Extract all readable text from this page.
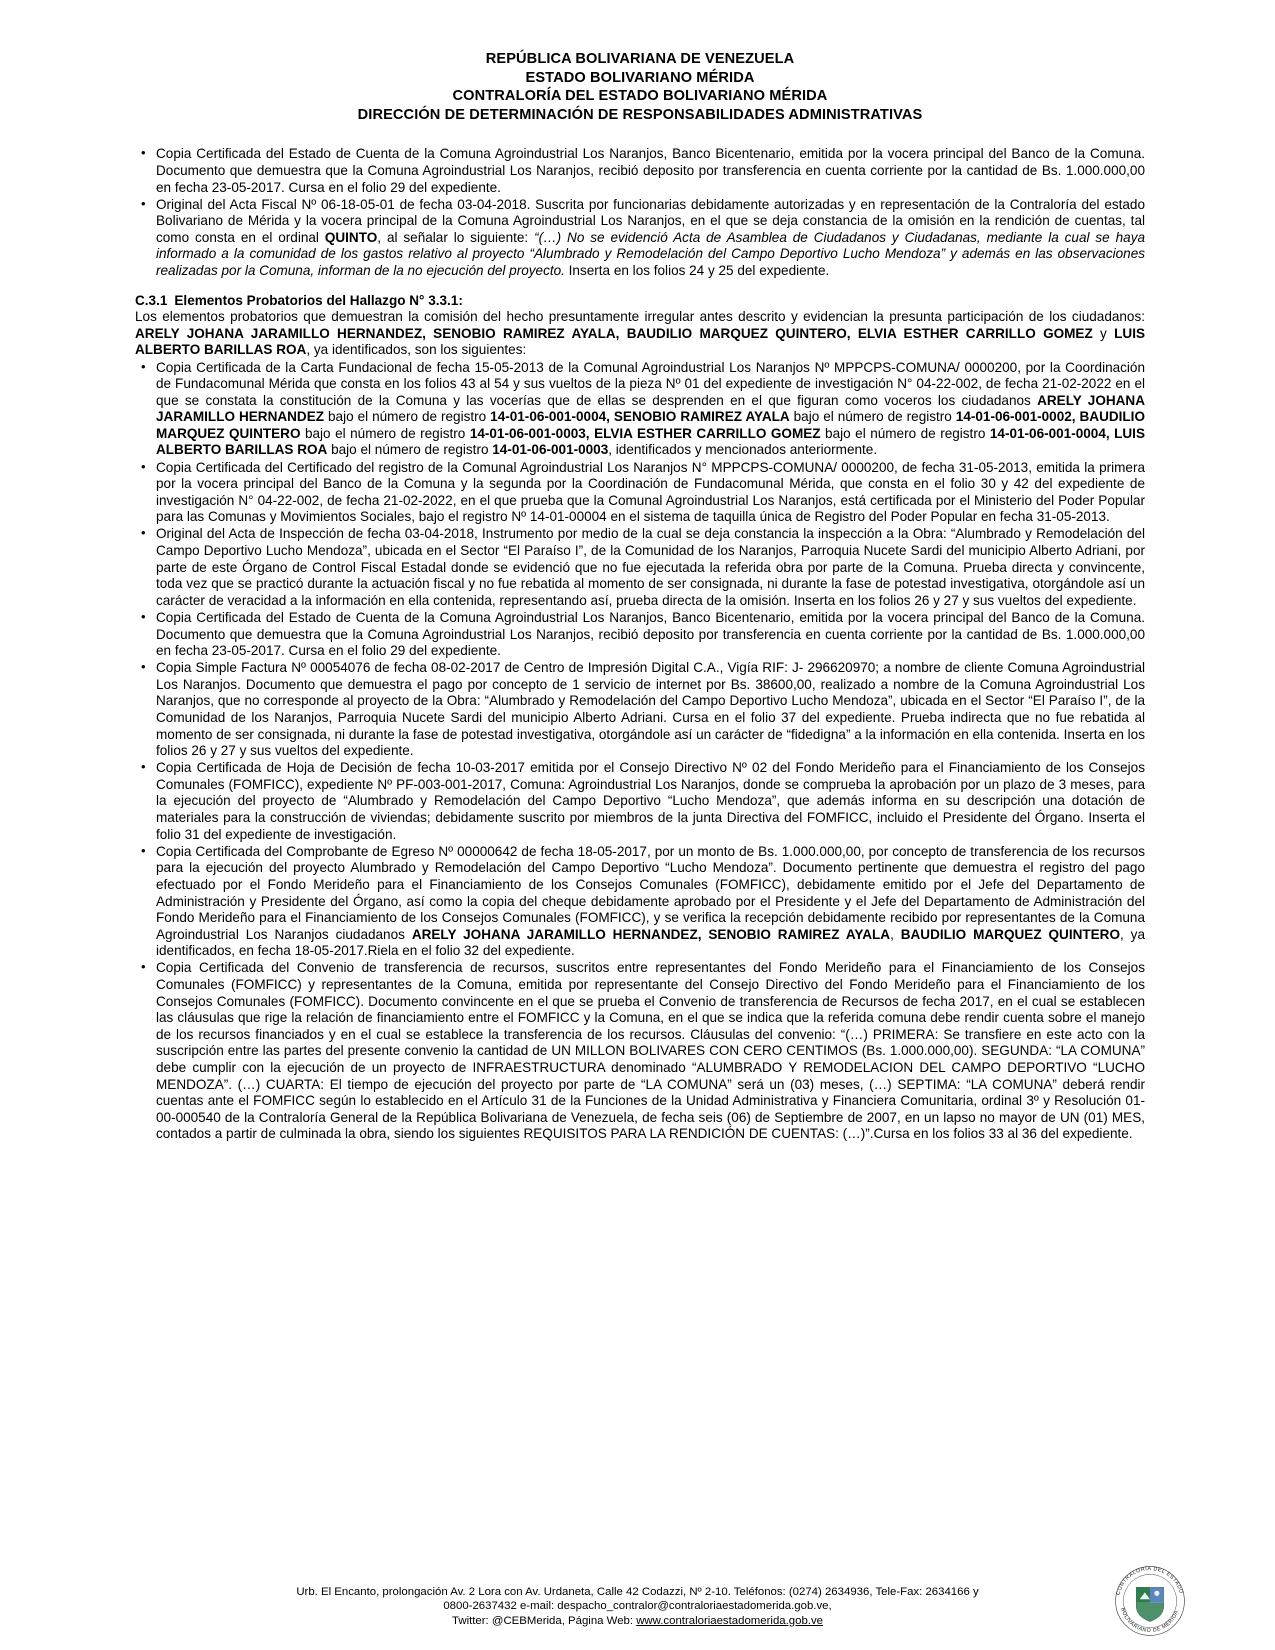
REPÚBLICA BOLIVARIANA DE VENEZUELA
ESTADO BOLIVARIANO MÉRIDA
CONTRALORÍA DEL ESTADO BOLIVARIANO MÉRIDA
DIRECCIÓN DE DETERMINACIÓN DE RESPONSABILIDADES ADMINISTRATIVAS

• Copia Certificada del Estado de Cuenta de la Comuna Agroindustrial Los Naranjos, Banco Bicentenario, emitida por la vocera principal del Banco de la Comuna. Documento que demuestra que la Comuna Agroindustrial Los Naranjos, recibió deposito por transferencia en cuenta corriente por la cantidad de Bs. 1.000.000,00 en fecha 23-05-2017. Cursa en el folio 29 del expediente.

• Original del Acta Fiscal Nº 06-18-05-01 de fecha 03-04-2018. Suscrita por funcionarias debidamente autorizadas y en representación de la Contraloría del estado Bolivariano de Mérida y la vocera principal de la Comuna Agroindustrial Los Naranjos, en el que se deja constancia de la omisión en la rendición de cuentas, tal como consta en el ordinal QUINTO, al señalar lo siguiente: “(…) No se evidenció Acta de Asamblea de Ciudadanos y Ciudadanas, mediante la cual se haya informado a la comunidad de los gastos relativo al proyecto “Alumbrado y Remodelación del Campo Deportivo Lucho Mendoza” y además en las observaciones realizadas por la Comuna, informan de la no ejecución del proyecto. Inserta en los folios 24 y 25 del expediente.

C.3.1 Elementos Probatorios del Hallazgo N° 3.3.1:

Los elementos probatorios que demuestran la comisión del hecho presuntamente irregular antes descrito y evidencian la presunta participación de los ciudadanos: ARELY JOHANA JARAMILLO HERNANDEZ, SENOBIO RAMIREZ AYALA, BAUDILIO MARQUEZ QUINTERO, ELVIA ESTHER CARRILLO GOMEZ y LUIS ALBERTO BARILLAS ROA, ya identificados, son los siguientes:

• Copia Certificada de la Carta Fundacional de fecha 15-05-2013 de la Comunal Agroindustrial Los Naranjos Nº MPPCPS-COMUNA/ 0000200, por la Coordinación de Fundacomunal Mérida que consta en los folios 43 al 54 y sus vueltos de la pieza Nº 01 del expediente de investigación N° 04-22-002, de fecha 21-02-2022 en el que se constata la constitución de la Comuna y las vocerías que de ellas se desprenden en el que figuran como voceros los ciudadanos ARELY JOHANA JARAMILLO HERNANDEZ bajo el número de registro 14-01-06-001-0004, SENOBIO RAMIREZ AYALA bajo el número de registro 14-01-06-001-0002, BAUDILIO MARQUEZ QUINTERO bajo el número de registro 14-01-06-001-0003, ELVIA ESTHER CARRILLO GOMEZ bajo el número de registro 14-01-06-001-0004, LUIS ALBERTO BARILLAS ROA bajo el número de registro 14-01-06-001-0003, identificados y mencionados anteriormente.

• Copia Certificada del Certificado del registro de la Comunal Agroindustrial Los Naranjos N° MPPCPS-COMUNA/ 0000200, de fecha 31-05-2013, emitida la primera por la vocera principal del Banco de la Comuna y la segunda por la Coordinación de Fundacomunal Mérida, que consta en el folio 30 y 42 del expediente de investigación N° 04-22-002, de fecha 21-02-2022, en el que prueba que la Comunal Agroindustrial Los Naranjos, está certificada por el Ministerio del Poder Popular para las Comunas y Movimientos Sociales, bajo el registro Nº 14-01-00004 en el sistema de taquilla única de Registro del Poder Popular en fecha 31-05-2013.

• Original del Acta de Inspección de fecha 03-04-2018, Instrumento por medio de la cual se deja constancia la inspección a la Obra: “Alumbrado y Remodelación del Campo Deportivo Lucho Mendoza”, ubicada en el Sector “El Paraíso I”, de la Comunidad de los Naranjos, Parroquia Nucete Sardi del municipio Alberto Adriani, por parte de este Órgano de Control Fiscal Estadal donde se evidenció que no fue ejecutada la referida obra por parte de la Comuna. Prueba directa y convincente, toda vez que se practicó durante la actuación fiscal y no fue rebatida al momento de ser consignada, ni durante la fase de potestad investigativa, otorgándole así un carácter de veracidad a la información en ella contenida, representando así, prueba directa de la omisión. Inserta en los folios 26 y 27 y sus vueltos del expediente.

• Copia Certificada del Estado de Cuenta de la Comuna Agroindustrial Los Naranjos, Banco Bicentenario, emitida por la vocera principal del Banco de la Comuna. Documento que demuestra que la Comuna Agroindustrial Los Naranjos, recibió deposito por transferencia en cuenta corriente por la cantidad de Bs. 1.000.000,00 en fecha 23-05-2017. Cursa en el folio 29 del expediente.

• Copia Simple Factura Nº 00054076 de fecha 08-02-2017 de Centro de Impresión Digital C.A., Vigía RIF: J- 296620970; a nombre de cliente Comuna Agroindustrial Los Naranjos. Documento que demuestra el pago por concepto de 1 servicio de internet por Bs. 38600,00, realizado a nombre de la Comuna Agroindustrial Los Naranjos, que no corresponde al proyecto de la Obra: “Alumbrado y Remodelación del Campo Deportivo Lucho Mendoza”, ubicada en el Sector “El Paraíso I”, de la Comunidad de los Naranjos, Parroquia Nucete Sardi del municipio Alberto Adriani. Cursa en el folio 37 del expediente. Prueba indirecta que no fue rebatida al momento de ser consignada, ni durante la fase de potestad investigativa, otorgándole así un carácter de “fidedigna” a la información en ella contenida. Inserta en los folios 26 y 27 y sus vueltos del expediente.

• Copia Certificada de Hoja de Decisión de fecha 10-03-2017 emitida por el Consejo Directivo Nº 02 del Fondo Merideño para el Financiamiento de los Consejos Comunales (FOMFICC), expediente Nº PF-003-001-2017, Comuna: Agroindustrial Los Naranjos, donde se comprueba la aprobación por un plazo de 3 meses, para la ejecución del proyecto de “Alumbrado y Remodelación del Campo Deportivo “Lucho Mendoza”, que además informa en su descripción una dotación de materiales para la construcción de viviendas; debidamente suscrito por miembros de la junta Directiva del FOMFICC, incluido el Presidente del Órgano. Inserta el folio 31 del expediente de investigación.

• Copia Certificada del Comprobante de Egreso Nº 00000642 de fecha 18-05-2017, por un monto de Bs. 1.000.000,00, por concepto de transferencia de los recursos para la ejecución del proyecto Alumbrado y Remodelación del Campo Deportivo “Lucho Mendoza”. Documento pertinente que demuestra el registro del pago efectuado por el Fondo Merideño para el Financiamiento de los Consejos Comunales (FOMFICC), debidamente emitido por el Jefe del Departamento de Administración y Presidente del Órgano, así como la copia del cheque debidamente aprobado por el Presidente y el Jefe del Departamento de Administración del Fondo Merideño para el Financiamiento de los Consejos Comunales (FOMFICC), y se verifica la recepción debidamente recibido por representantes de la Comuna Agroindustrial Los Naranjos ciudadanos ARELY JOHANA JARAMILLO HERNANDEZ, SENOBIO RAMIREZ AYALA, BAUDILIO MARQUEZ QUINTERO, ya identificados, en fecha 18-05-2017.Riela en el folio 32 del expediente.

• Copia Certificada del Convenio de transferencia de recursos, suscritos entre representantes del Fondo Merideño para el Financiamiento de los Consejos Comunales (FOMFICC) y representantes de la Comuna, emitida por representante del Consejo Directivo del Fondo Merideño para el Financiamiento de los Consejos Comunales (FOMFICC). Documento convincente en el que se prueba el Convenio de transferencia de Recursos de fecha 2017, en el cual se establecen las cláusulas que rige la relación de financiamiento entre el FOMFICC y la Comuna, en el que se indica que la referida comuna debe rendir cuenta sobre el manejo de los recursos financiados y en el cual se establece la transferencia de los recursos. Cláusulas del convenio: “(…) PRIMERA: Se transfiere en este acto con la suscripción entre las partes del presente convenio la cantidad de UN MILLON BOLIVARES CON CERO CENTIMOS (Bs. 1.000.000,00). SEGUNDA: “LA COMUNA” debe cumplir con la ejecución de un proyecto de INFRAESTRUCTURA denominado “ALUMBRADO Y REMODELACION DEL CAMPO DEPORTIVO “LUCHO MENDOZA”. (…) CUARTA: El tiempo de ejecución del proyecto por parte de “LA COMUNA” será un (03) meses, (…) SEPTIMA: “LA COMUNA” deberá rendir cuentas ante el FOMFICC según lo establecido en el Artículo 31 de la Funciones de la Unidad Administrativa y Financiera Comunitaria, ordinal 3º y Resolución 01-00-000540 de la Contraloría General de la República Bolivariana de Venezuela, de fecha seis (06) de Septiembre de 2007, en un lapso no mayor de UN (01) MES, contados a partir de culminada la obra, siendo los siguientes REQUISITOS PARA LA RENDICIÓN DE CUENTAS: (…)”.Cursa en los folios 33 al 36 del expediente.

Urb. El Encanto, prolongación Av. 2 Lora con Av. Urdaneta, Calle 42 Codazzi, Nº 2-10. Teléfonos: (0274) 2634936, Tele-Fax: 2634166 y
0800-2637432 e-mail: despacho_contralor@contraloriaestadomerida.gob.ve,
Twitter: @CEBMerida, Página Web: www.contraloriaestadomerida.gob.ve
CONTRALORÍA DEL ESTADO
BOLIVARIANO DE MÉRIDA
